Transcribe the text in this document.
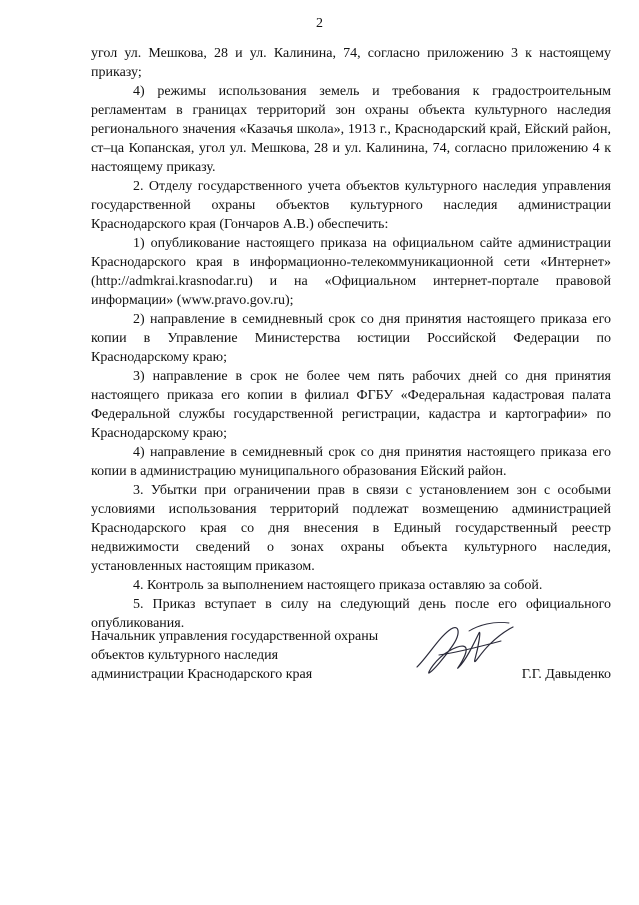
2

угол ул. Мешкова, 28 и ул. Калинина, 74, согласно приложению 3 к настоящему приказу;

4) режимы использования земель и требования к градостроительным регламентам в границах территорий зон охраны объекта культурного наследия регионального значения «Казачья школа», 1913 г., Краснодарский край, Ейский район, ст–ца Копанская, угол ул. Мешкова, 28 и ул. Калинина, 74, согласно приложению 4 к настоящему приказу.

2. Отделу государственного учета объектов культурного наследия управления государственной охраны объектов культурного наследия администрации Краснодарского края (Гончаров А.В.) обеспечить:

1) опубликование настоящего приказа на официальном сайте администрации Краснодарского края в информационно-телекоммуникационной сети «Интернет» (http://admkrai.krasnodar.ru) и на «Официальном интернет-портале правовой информации» (www.pravo.gov.ru);

2) направление в семидневный срок со дня принятия настоящего приказа его копии в Управление Министерства юстиции Российской Федерации по Краснодарскому краю;

3) направление в срок не более чем пять рабочих дней со дня принятия настоящего приказа его копии в филиал ФГБУ «Федеральная кадастровая палата Федеральной службы государственной регистрации, кадастра и картографии» по Краснодарскому краю;

4) направление в семидневный срок со дня принятия настоящего приказа его копии в администрацию муниципального образования Ейский район.

3. Убытки при ограничении прав в связи с установлением зон с особыми условиями использования территорий подлежат возмещению администрацией Краснодарского края со дня внесения в Единый государственный реестр недвижимости сведений о зонах охраны объекта культурного наследия, установленных настоящим приказом.

4. Контроль за выполнением настоящего приказа оставляю за собой.

5. Приказ вступает в силу на следующий день после его официального опубликования.

Начальник управления государственной охраны
объектов культурного наследия
администрации Краснодарского края	Г.Г. Давыденко
